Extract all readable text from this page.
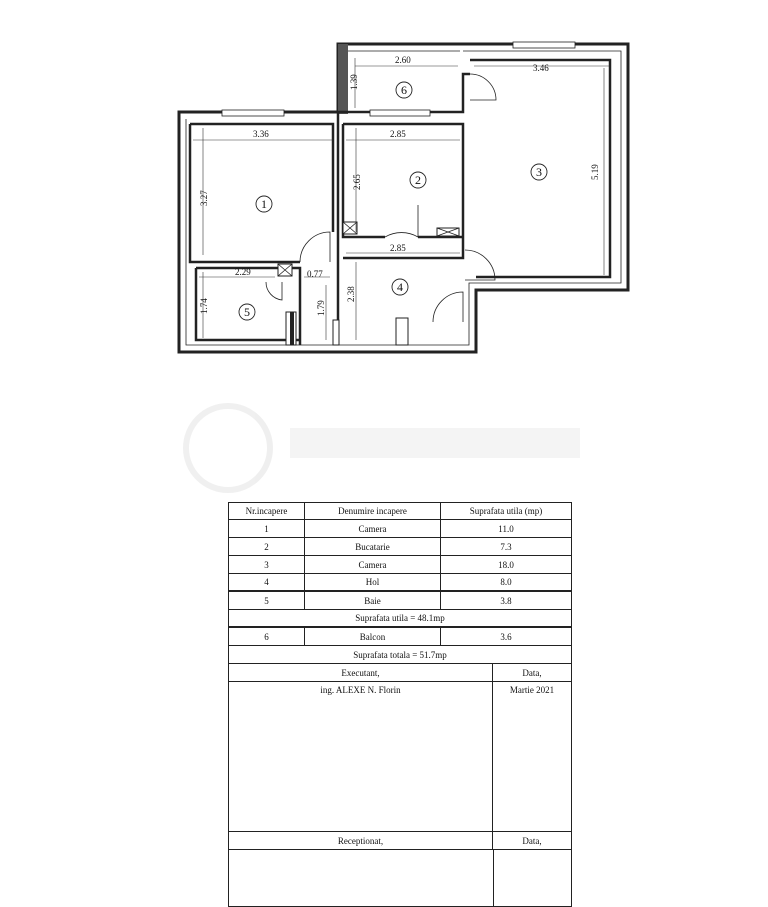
2.60
1.39
3.46
3.36	2.85
3.27
2.65
5.19
2.85
2.29	0.77
1.74	1.79
2.38
1
2
3
4
5
6
Nr.incapere	Denumire incapere	Suprafata utila (mp)
1	Camera	11.0
2	Bucatarie	7.3
3	Camera	18.0
4	Hol	8.0
5	Baie	3.8
Suprafata utila = 48.1mp
6	Balcon	3.6
Suprafata totala = 51.7mp
Executant,	Data,
ing. ALEXE N. Florin	Martie 2021
Receptionat,	Data,
